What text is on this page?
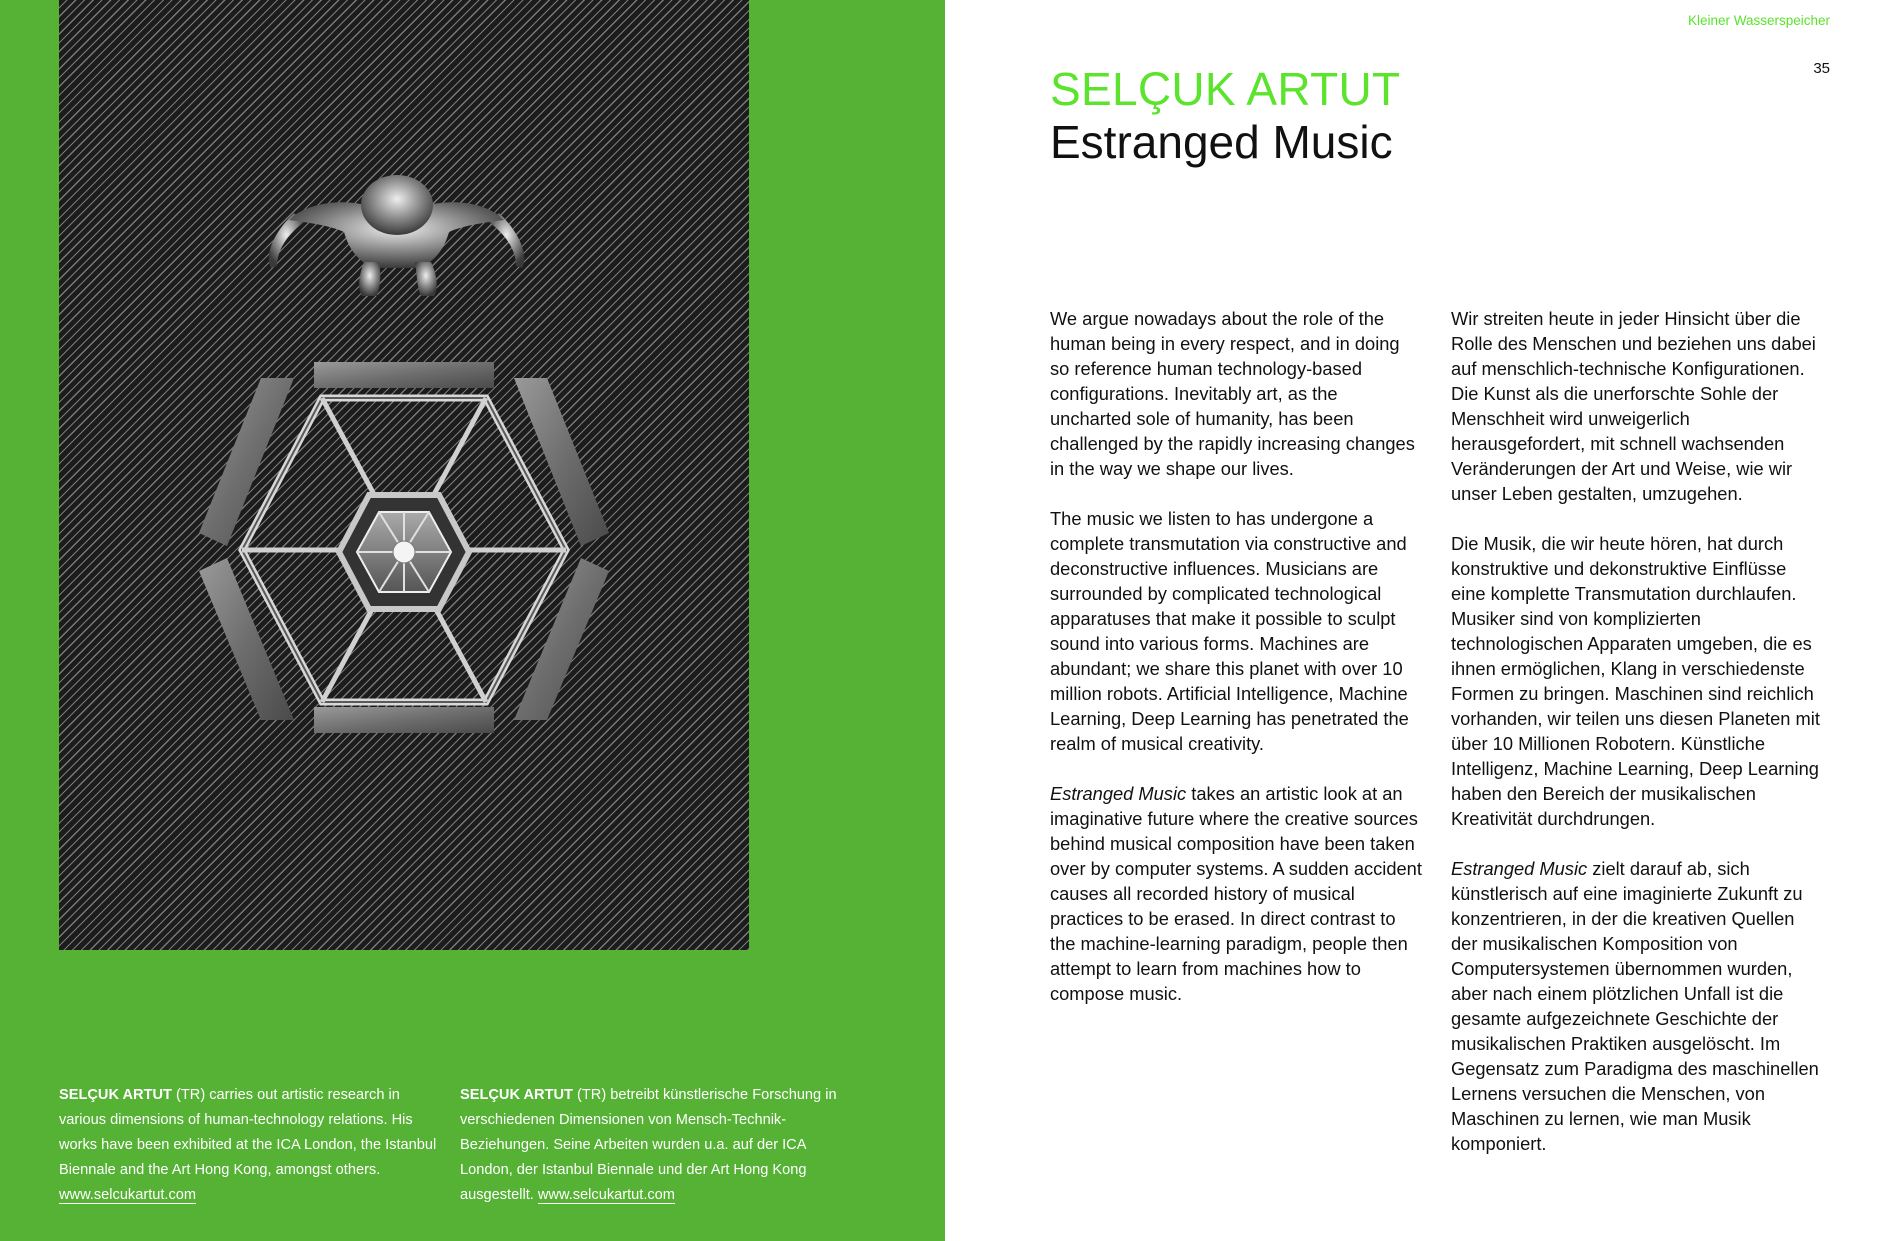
SELÇUK ARTUT (TR) carries out artistic research in various dimensions of human-technology relations. His works have been exhibited at the ICA London, the Istanbul Biennale and the Art Hong Kong, amongst others. www.selcukartut.com
SELÇUK ARTUT (TR) betreibt künstlerische Forschung in verschiedenen Dimensionen von Mensch-Technik-Beziehungen. Seine Arbeiten wurden u.a. auf der ICA London, der Istanbul Biennale und der Art Hong Kong ausgestellt. www.selcukartut.com
Kleiner Wasserspeicher
35
SELÇUK ARTUT
Estranged Music

We argue nowadays about the role of the human being in every respect, and in doing so reference human technology-based configurations. Inevitably art, as the uncharted sole of humanity, has been challenged by the rapidly increasing changes in the way we shape our lives.

The music we listen to has undergone a complete transmutation via constructive and deconstructive influences. Musicians are surrounded by complicated technological apparatuses that make it possible to sculpt sound into various forms. Machines are abundant; we share this planet with over 10 million robots. Artificial Intelligence, Machine Learning, Deep Learning has penetrated the realm of musical creativity.

Estranged Music takes an artistic look at an imaginative future where the creative sources behind musical composition have been taken over by computer systems. A sudden accident causes all recorded history of musical practices to be erased. In direct contrast to the machine-learning paradigm, people then attempt to learn from machines how to compose music.

Wir streiten heute in jeder Hinsicht über die Rolle des Menschen und beziehen uns dabei auf menschlich-technische Konfigurationen. Die Kunst als die unerforschte Sohle der Menschheit wird unweigerlich herausgefordert, mit schnell wachsenden Veränderungen der Art und Weise, wie wir unser Leben gestalten, umzugehen.

Die Musik, die wir heute hören, hat durch konstruktive und dekonstruktive Einflüsse eine komplette Transmutation durchlaufen. Musiker sind von komplizierten technologischen Apparaten umgeben, die es ihnen ermöglichen, Klang in verschiedenste Formen zu bringen. Maschinen sind reichlich vorhanden, wir teilen uns diesen Planeten mit über 10 Millionen Robotern. Künstliche Intelligenz, Machine Learning, Deep Learning haben den Bereich der musikalischen Kreativität durchdrungen.

Estranged Music zielt darauf ab, sich künstlerisch auf eine imaginierte Zukunft zu konzentrieren, in der die kreativen Quellen der musikalischen Komposition von Computersystemen übernommen wurden, aber nach einem plötzlichen Unfall ist die gesamte aufgezeichnete Geschichte der musikalischen Praktiken ausgelöscht. Im Gegensatz zum Paradigma des maschinellen Lernens versuchen die Menschen, von Maschinen zu lernen, wie man Musik komponiert.
